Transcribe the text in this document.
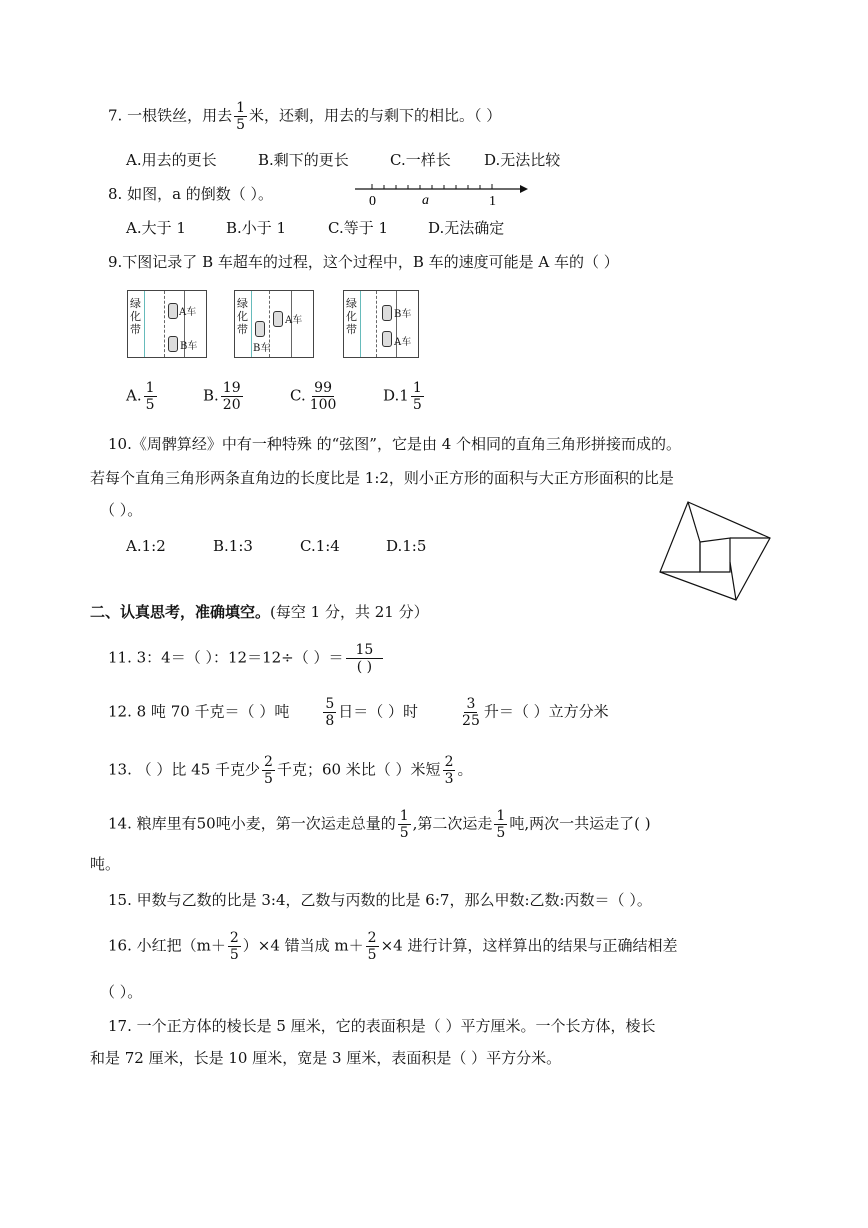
7. 一根铁丝，用去 $\frac{1}{5}$ 米，还剩，用去的与剩下的相比。（ ）
A.用去的更长	B.剩下的更长	C.一样长 D.无法比较
8. 如图，a 的倒数（ ）。	0	a	1
A.大于 1	B.小于 1	C.等于 1	D.无法确定
9.下图记录了 B 车超车的过程，这个过程中，B 车的速度可能是 A 车的（ ）
绿化带
A车
B车
绿化带
B车
A车
绿化带
B车
A车
A. $\frac{1}{5}$	B. $\frac{19}{20}$	C. $\frac{99}{100}$	$D.1 \frac{1}{5}$
10.《周髀算经》中有一种特殊 的“弦图”，它是由 4 个相同的直角三角形拼接而成的。
若每个直角三角形两条直角边的长度比是 1:2，则小正方形的面积与大正方形面积的比是
（ ）。
A.1:2	B.1:3	C.1:4	D.1:5
二、认真思考，准确填空。(每空 1 分，共 21 分）
11. 3：4＝（ ）：12＝12÷（ ）＝ 15
( )
12. 8 吨 70 千克＝（ ）吨 $\frac{5}{8}$ 日＝（ ）时	$\frac{3}{25}$ 升＝（ ）立方分米
13. （ ）比 45 千克少 $\frac{2}{5}$ 千克；60 米比（ ）米短 $\frac{2}{3}$ 。
14. 粮库里有50吨小麦，第一次运走总量的 $\frac{1}{5}$ ,第二次运走 $\frac{1}{5}$ 吨,两次一共运走了( )
吨。
15. 甲数与乙数的比是 3:4，乙数与丙数的比是 6:7，那么甲数:乙数:丙数＝（ ）。
16. 小红把$(m+ \frac{2}{5} )\times 4$ 错当成 $m+ \frac{2}{5} \times 4$ 进行计算，这样算出的结果与正确结相差
（ ）。
17. 一个正方体的棱长是 5 厘米，它的表面积是（ ）平方厘米。一个长方体，棱长
和是 72 厘米，长是 10 厘米，宽是 3 厘米，表面积是（ ）平方分米。
